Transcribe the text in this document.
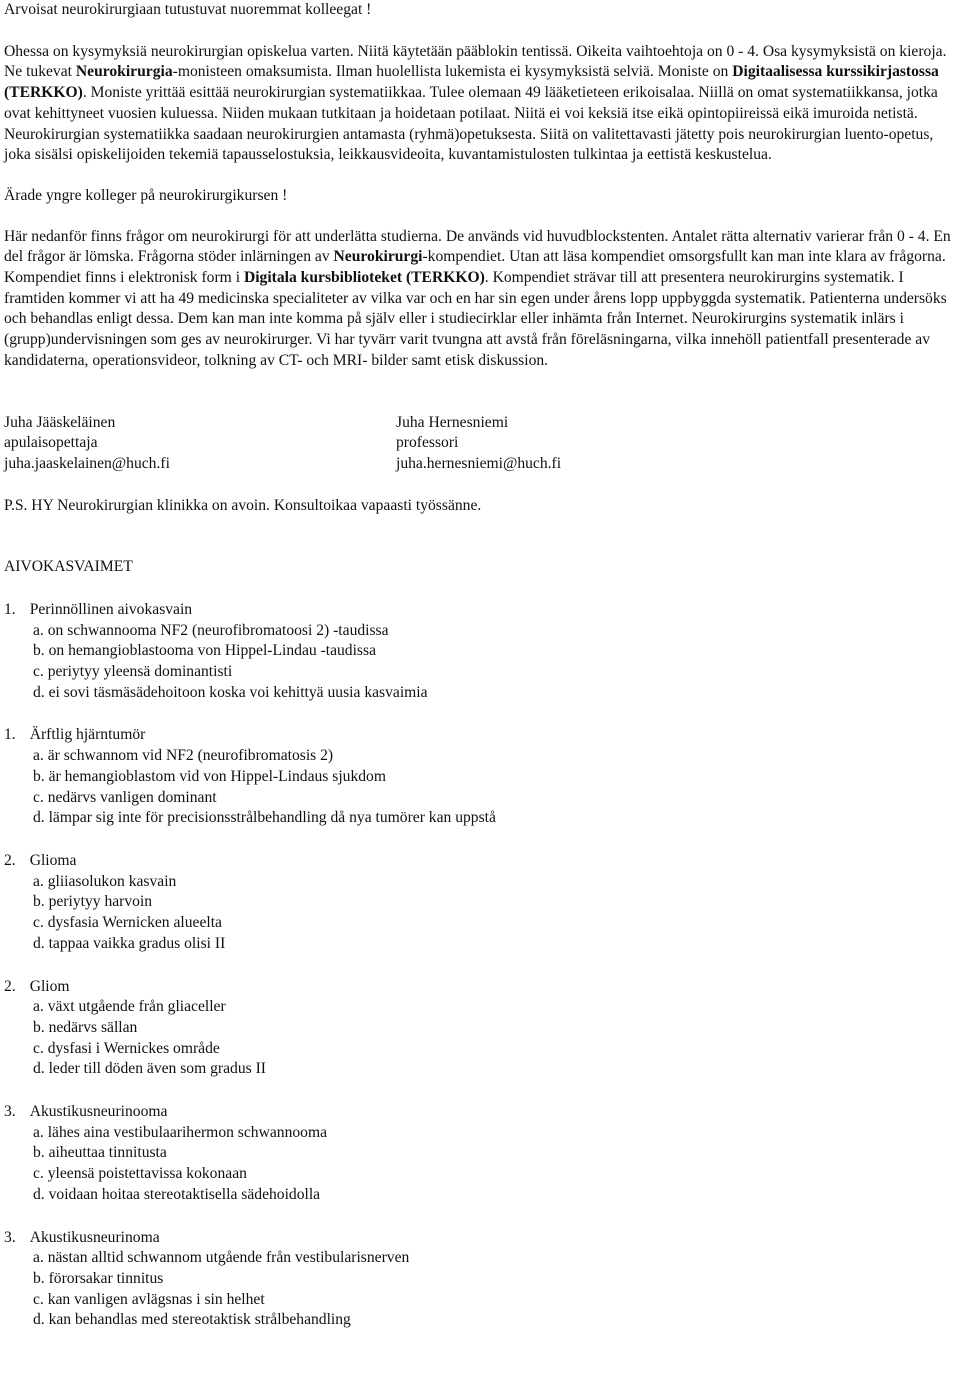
Arvoisat neurokirurgiaan tutustuvat nuoremmat kolleegat !

Ohessa on kysymyksiä neurokirurgian opiskelua varten. Niitä käytetään pääblokin tentissä. Oikeita vaihtoehtoja on 0 - 4. Osa kysymyksistä on kieroja. Ne tukevat Neurokirurgia-monisteen omaksumista. Ilman huolellista lukemista ei kysymyksistä selviä. Moniste on Digitaalisessa kurssikirjastossa (TERKKO). Moniste yrittää esittää neurokirurgian systematiikkaa. Tulee olemaan 49 lääketieteen erikoisalaa. Niillä on omat systematiikkansa, jotka ovat kehittyneet vuosien kuluessa. Niiden mukaan tutkitaan ja hoidetaan potilaat. Niitä ei voi keksiä itse eikä opintopiireissä eikä imuroida netistä. Neurokirurgian systematiikka saadaan neurokirurgien antamasta (ryhmä)opetuksesta. Siitä on valitettavasti jätetty pois neurokirurgian luento-opetus, joka sisälsi opiskelijoiden tekemiä tapausselostuksia, leikkausvideoita, kuvantamistulosten tulkintaa ja eettistä keskustelua.

Ärade yngre kolleger på neurokirurgikursen !

Här nedanför finns frågor om neurokirurgi för att underlätta studierna. De används vid huvudblockstenten. Antalet rätta alternativ varierar från 0 - 4. En del frågor är lömska. Frågorna stöder inlärningen av Neurokirurgi-kompendiet. Utan att läsa kompendiet omsorgsfullt kan man inte klara av frågorna. Kompendiet finns i elektronisk form i Digitala kursbiblioteket (TERKKO). Kompendiet strävar till att presentera neurokirurgins systematik. I framtiden kommer vi att ha 49 medicinska specialiteter av vilka var och en har sin egen under årens lopp uppbyggda systematik. Patienterna undersöks och behandlas enligt dessa. Dem kan man inte komma på själv eller i studiecirklar eller inhämta från Internet. Neurokirurgins systematik inlärs i (grupp)undervisningen som ges av neurokirurger. Vi har tyvärr varit tvungna att avstå från föreläsningarna, vilka innehöll patientfall presenterade av kandidaterna, operationsvideor, tolkning av CT- och MRI- bilder samt etisk diskussion.

Juha Jääskeläinen

apulaisopettaja

juha.jaaskelainen@huch.fi

Juha Hernesniemi

professori

juha.hernesniemi@huch.fi

P.S. HY Neurokirurgian klinikka on avoin. Konsultoikaa vapaasti työssänne.

AIVOKASVAIMET

1. Perinnöllinen aivokasvain

a. on schwannooma NF2 (neurofibromatoosi 2) -taudissa

b. on hemangioblastooma von Hippel-Lindau -taudissa

c. periytyy yleensä dominantisti

d. ei sovi täsmäsädehoitoon koska voi kehittyä uusia kasvaimia

1. Ärftlig hjärntumör

a. är schwannom vid NF2 (neurofibromatosis 2)

b. är hemangioblastom vid von Hippel-Lindaus sjukdom

c. nedärvs vanligen dominant

d. lämpar sig inte för precisionsstrålbehandling då nya tumörer kan uppstå

2. Glioma

a. gliiasolukon kasvain

b. periytyy harvoin

c. dysfasia Wernicken alueelta

d. tappaa vaikka gradus olisi II

2. Gliom

a. växt utgående från gliaceller

b. nedärvs sällan

c. dysfasi i Wernickes område

d. leder till döden även som gradus II

3. Akustikusneurinooma

a. lähes aina vestibulaarihermon schwannooma

b. aiheuttaa tinnitusta

c. yleensä poistettavissa kokonaan

d. voidaan hoitaa stereotaktisella sädehoidolla

3. Akustikusneurinoma

a. nästan alltid schwannom utgående från vestibularisnerven

b. förorsakar tinnitus

c. kan vanligen avlägsnas i sin helhet

d. kan behandlas med stereotaktisk strålbehandling
